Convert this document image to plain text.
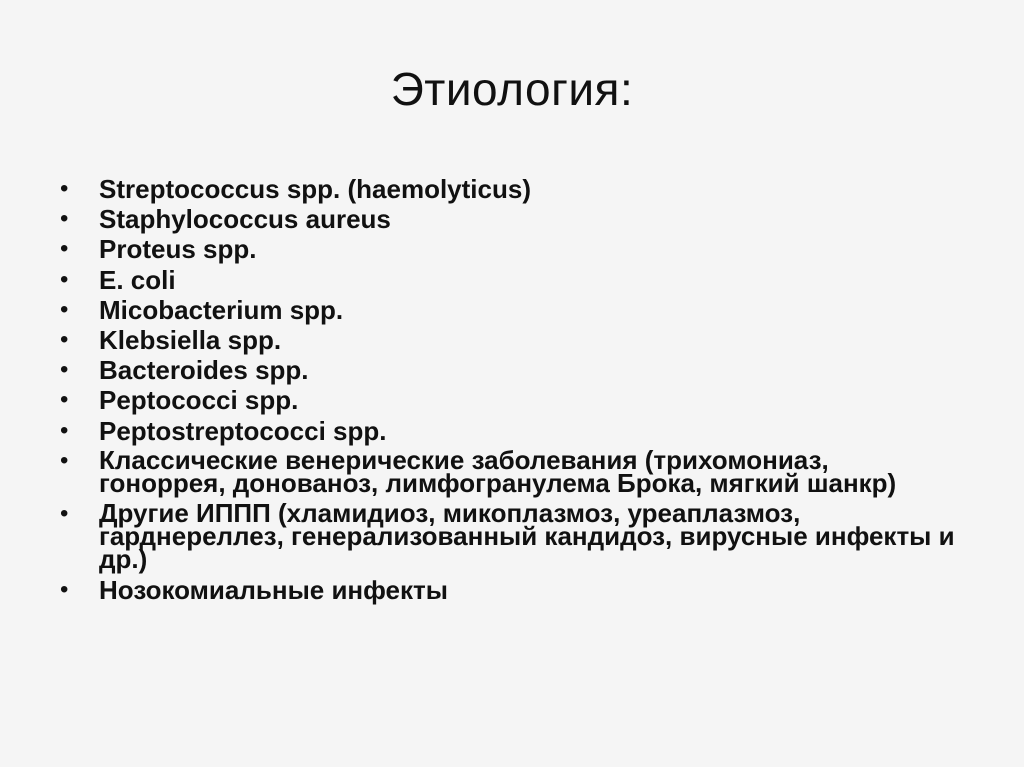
Этиология:
• Streptococcus spp. (haemolyticus)
• Staphylococcus aureus
• Proteus spp.
• E. coli
• Micobacterium spp.
• Klebsiella spp.
• Bacteroides spp.
• Peptococci spp.
• Peptostreptococci spp.
• Классические венерические заболевания (трихомониаз, гоноррея, донованоз, лимфогранулема Брока, мягкий шанкр)
• Другие ИППП (хламидиоз, микоплазмоз, уреаплазмоз, гарднереллез, генерализованный кандидоз, вирусные инфекты и др.)
• Нозокомиальные инфекты
